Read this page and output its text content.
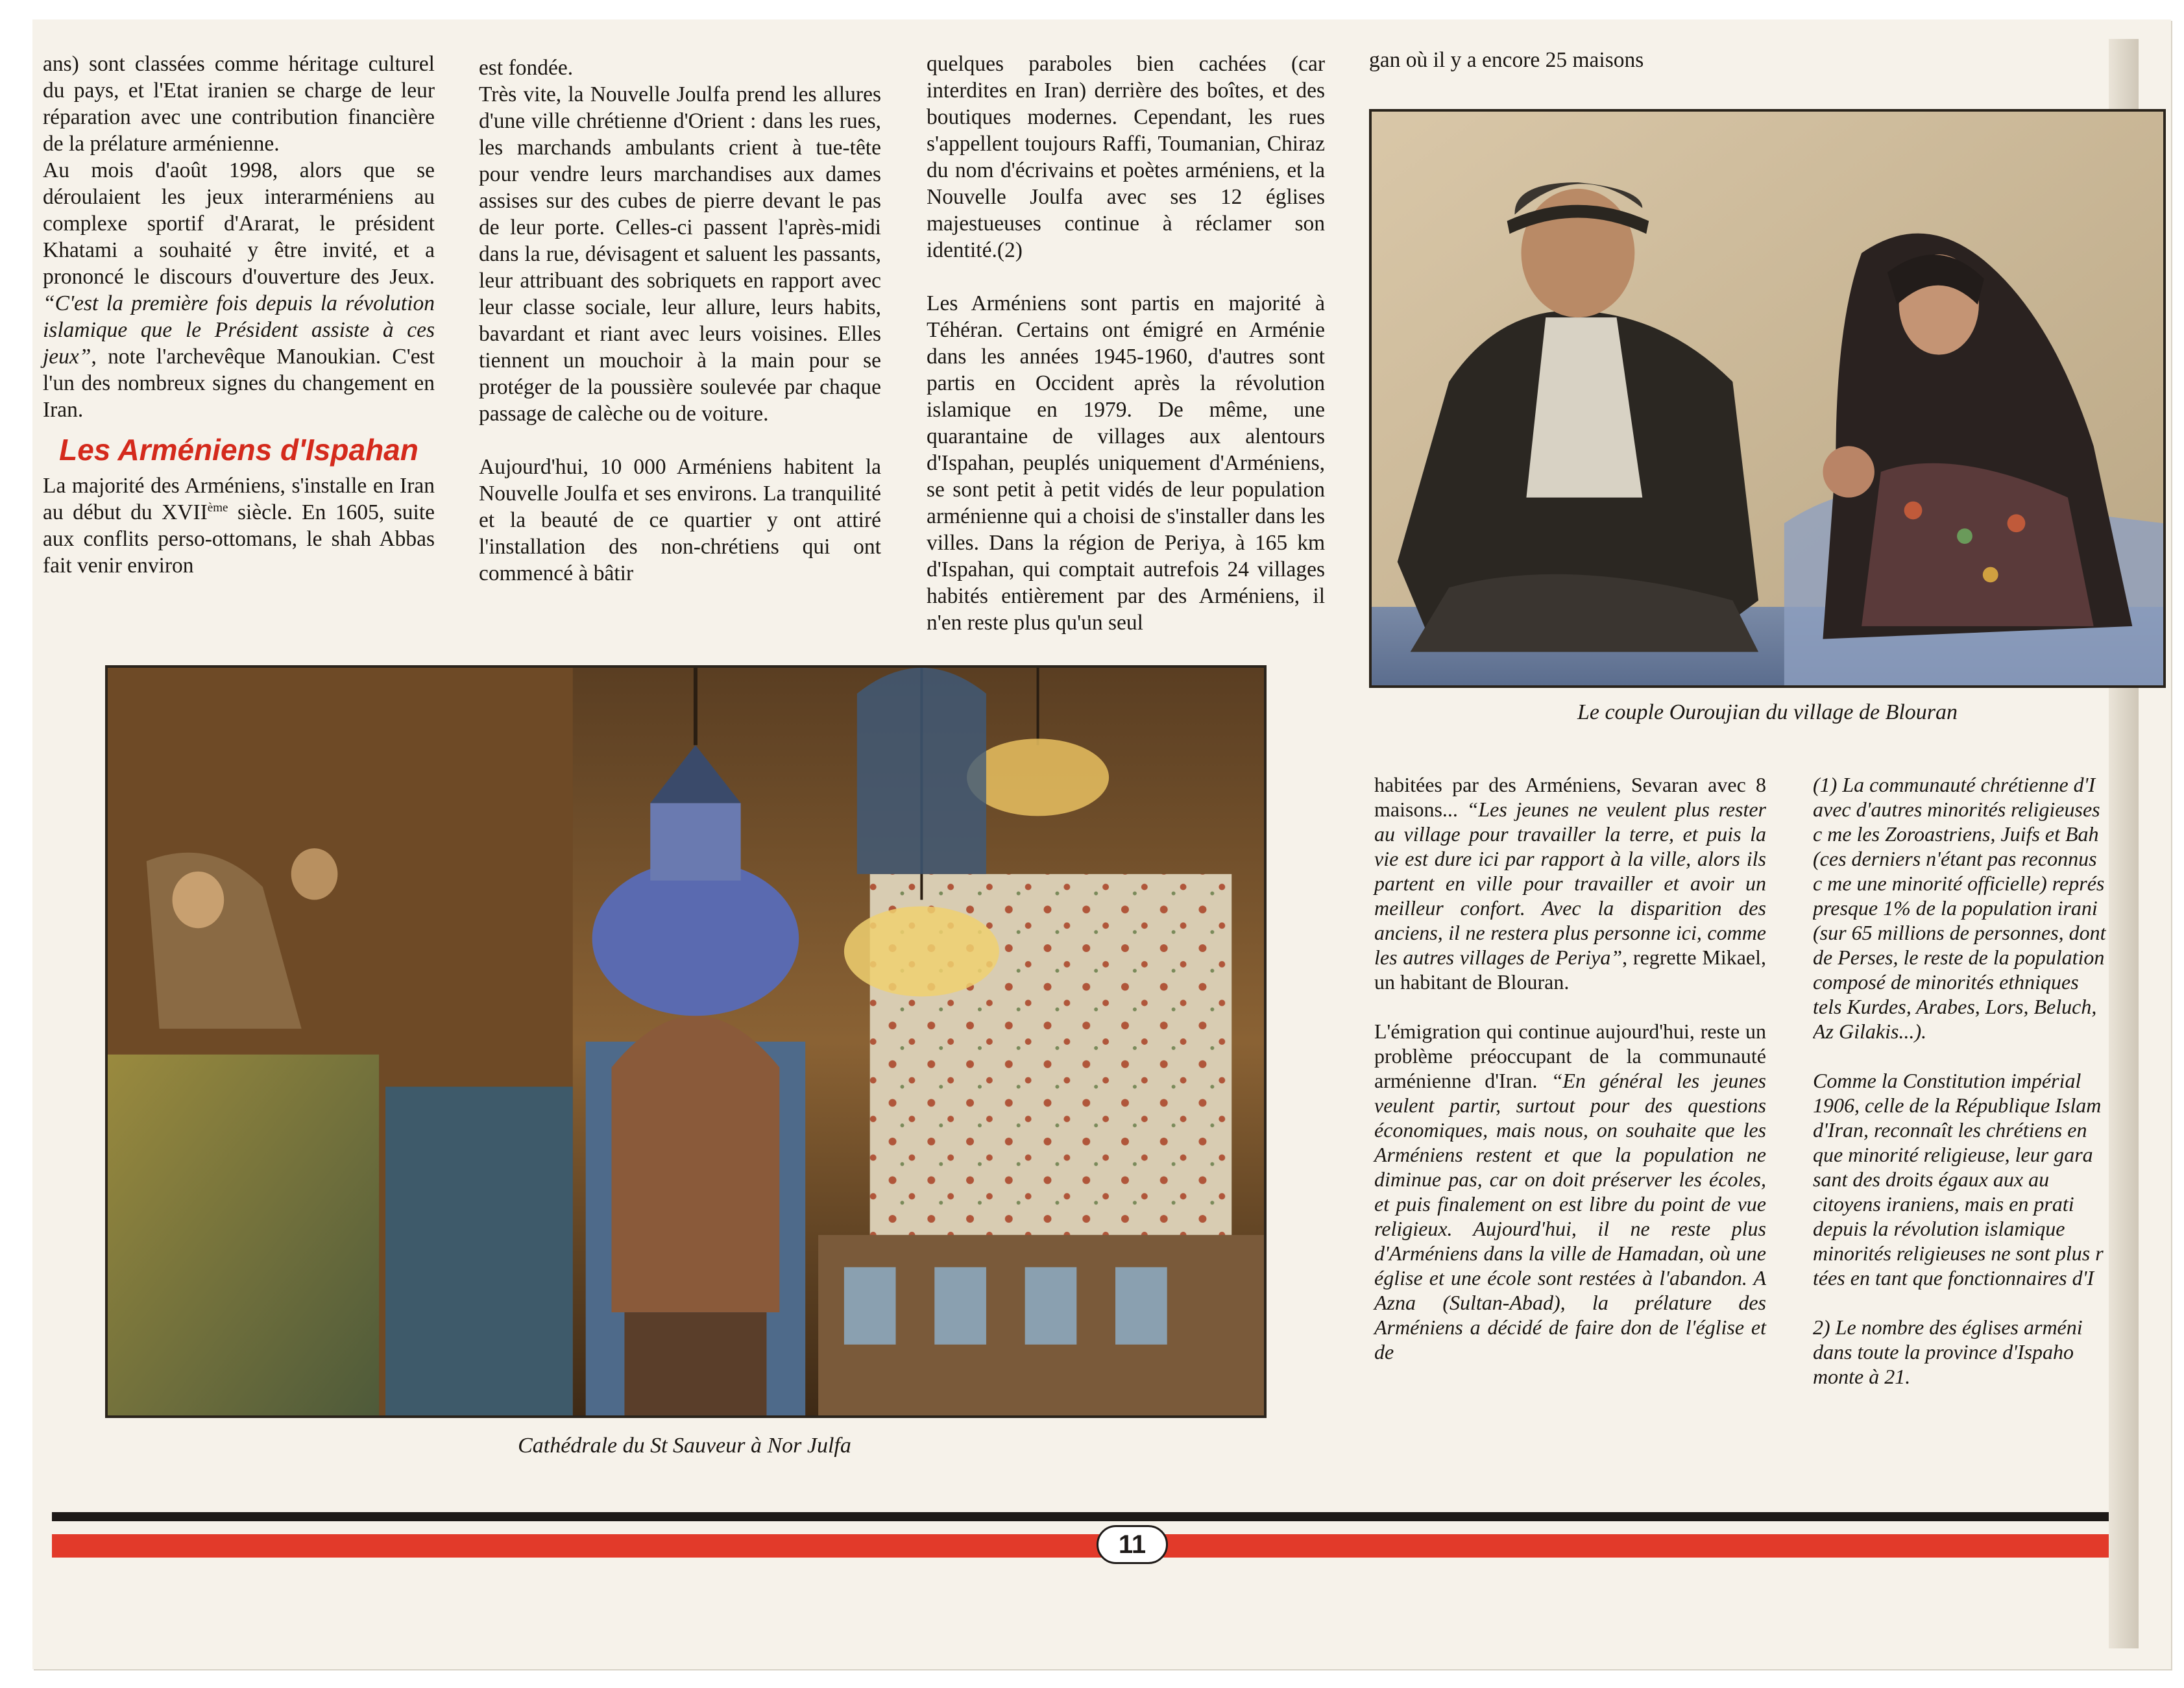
ans) sont classées comme héritage culturel du pays, et l'Etat iranien se charge de leur réparation avec une contribution financière de la prélature arménienne.

Au mois d'août 1998, alors que se déroulaient les jeux interarméniens au complexe sportif d'Ararat, le président Khatami a souhaité y être invité, et a prononcé le discours d'ouverture des Jeux. “C'est la première fois depuis la révolution islamique que le Président assiste à ces jeux”, note l'archevêque Manoukian. C'est l'un des nombreux signes du changement en Iran.

Les Arméniens d'Ispahan

La majorité des Arméniens, s'installe en Iran au début du XVIIème siècle. En 1605, suite aux conflits perso-ottomans, le shah Abbas fait venir environ

est fondée.

Très vite, la Nouvelle Joulfa prend les allures d'une ville chrétienne d'Orient : dans les rues, les marchands ambulants crient à tue-tête pour vendre leurs marchandises aux dames assises sur des cubes de pierre devant le pas de leur porte. Celles-ci passent l'après-midi dans la rue, dévisagent et saluent les passants, leur attribuant des sobriquets en rapport avec leur classe sociale, leur allure, leurs habits, bavardant et riant avec leurs voisines. Elles tiennent un mouchoir à la main pour se protéger de la poussière soulevée par chaque passage de calèche ou de voiture.

Aujourd'hui, 10 000 Arméniens habitent la Nouvelle Joulfa et ses environs. La tranquilité et la beauté de ce quartier y ont attiré l'installation des non-chrétiens qui ont commencé à bâtir

quelques paraboles bien cachées (car interdites en Iran) derrière des boîtes, et des boutiques modernes. Cependant, les rues s'appellent toujours Raffi, Toumanian, Chiraz du nom d'écrivains et poètes arméniens, et la Nouvelle Joulfa avec ses 12 églises majestueuses continue à réclamer son identité.(2)

Les Arméniens sont partis en majorité à Téhéran. Certains ont émigré en Arménie dans les années 1945-1960, d'autres sont partis en Occident après la révolution islamique en 1979. De même, une quarantaine de villages aux alentours d'Ispahan, peuplés uniquement d'Arméniens, se sont petit à petit vidés de leur population arménienne qui a choisi de s'installer dans les villes. Dans la région de Periya, à 165 km d'Ispahan, qui comptait autrefois 24 villages habités entièrement par des Arméniens, il n'en reste plus qu'un seul

gan où il y a encore 25 maisons

Le couple Ouroujian du village de Blouran
Cathédrale du St Sauveur à Nor Julfa

habitées par des Arméniens, Sevaran avec 8 maisons... “Les jeunes ne veulent plus rester au village pour travailler la terre, et puis la vie est dure ici par rapport à la ville, alors ils partent en ville pour travailler et avoir un meilleur confort. Avec la disparition des anciens, il ne restera plus personne ici, comme les autres villages de Periya”, regrette Mikael, un habitant de Blouran.

L'émigration qui continue aujourd'hui, reste un problème préoccupant de la communauté arménienne d'Iran. “En général les jeunes veulent partir, surtout pour des questions économiques, mais nous, on souhaite que les Arméniens restent et que la population ne diminue pas, car on doit préserver les écoles, et puis finalement on est libre du point de vue religieux. Aujourd'hui, il ne reste plus d'Arméniens dans la ville de Hamadan, où une église et une école sont restées à l'abandon. A Azna (Sultan-Abad), la prélature des Arméniens a décidé de faire don de l'église et de

(1) La communauté chrétienne d'I avec d'autres minorités religieuses c me les Zoroastriens, Juifs et Bah (ces derniers n'étant pas reconnus c me une minorité officielle) représ presque 1% de la population irani (sur 65 millions de personnes, dont de Perses, le reste de la population composé de minorités ethniques tels Kurdes, Arabes, Lors, Beluch, Az Gilakis...).

Comme la Constitution impérial 1906, celle de la République Islam d'Iran, reconnaît les chrétiens en que minorité religieuse, leur gara sant des droits égaux aux au citoyens iraniens, mais en prati depuis la révolution islamique minorités religieuses ne sont plus r tées en tant que fonctionnaires d'I

2) Le nombre des églises arméni dans toute la province d'Ispaho monte à 21.

11
